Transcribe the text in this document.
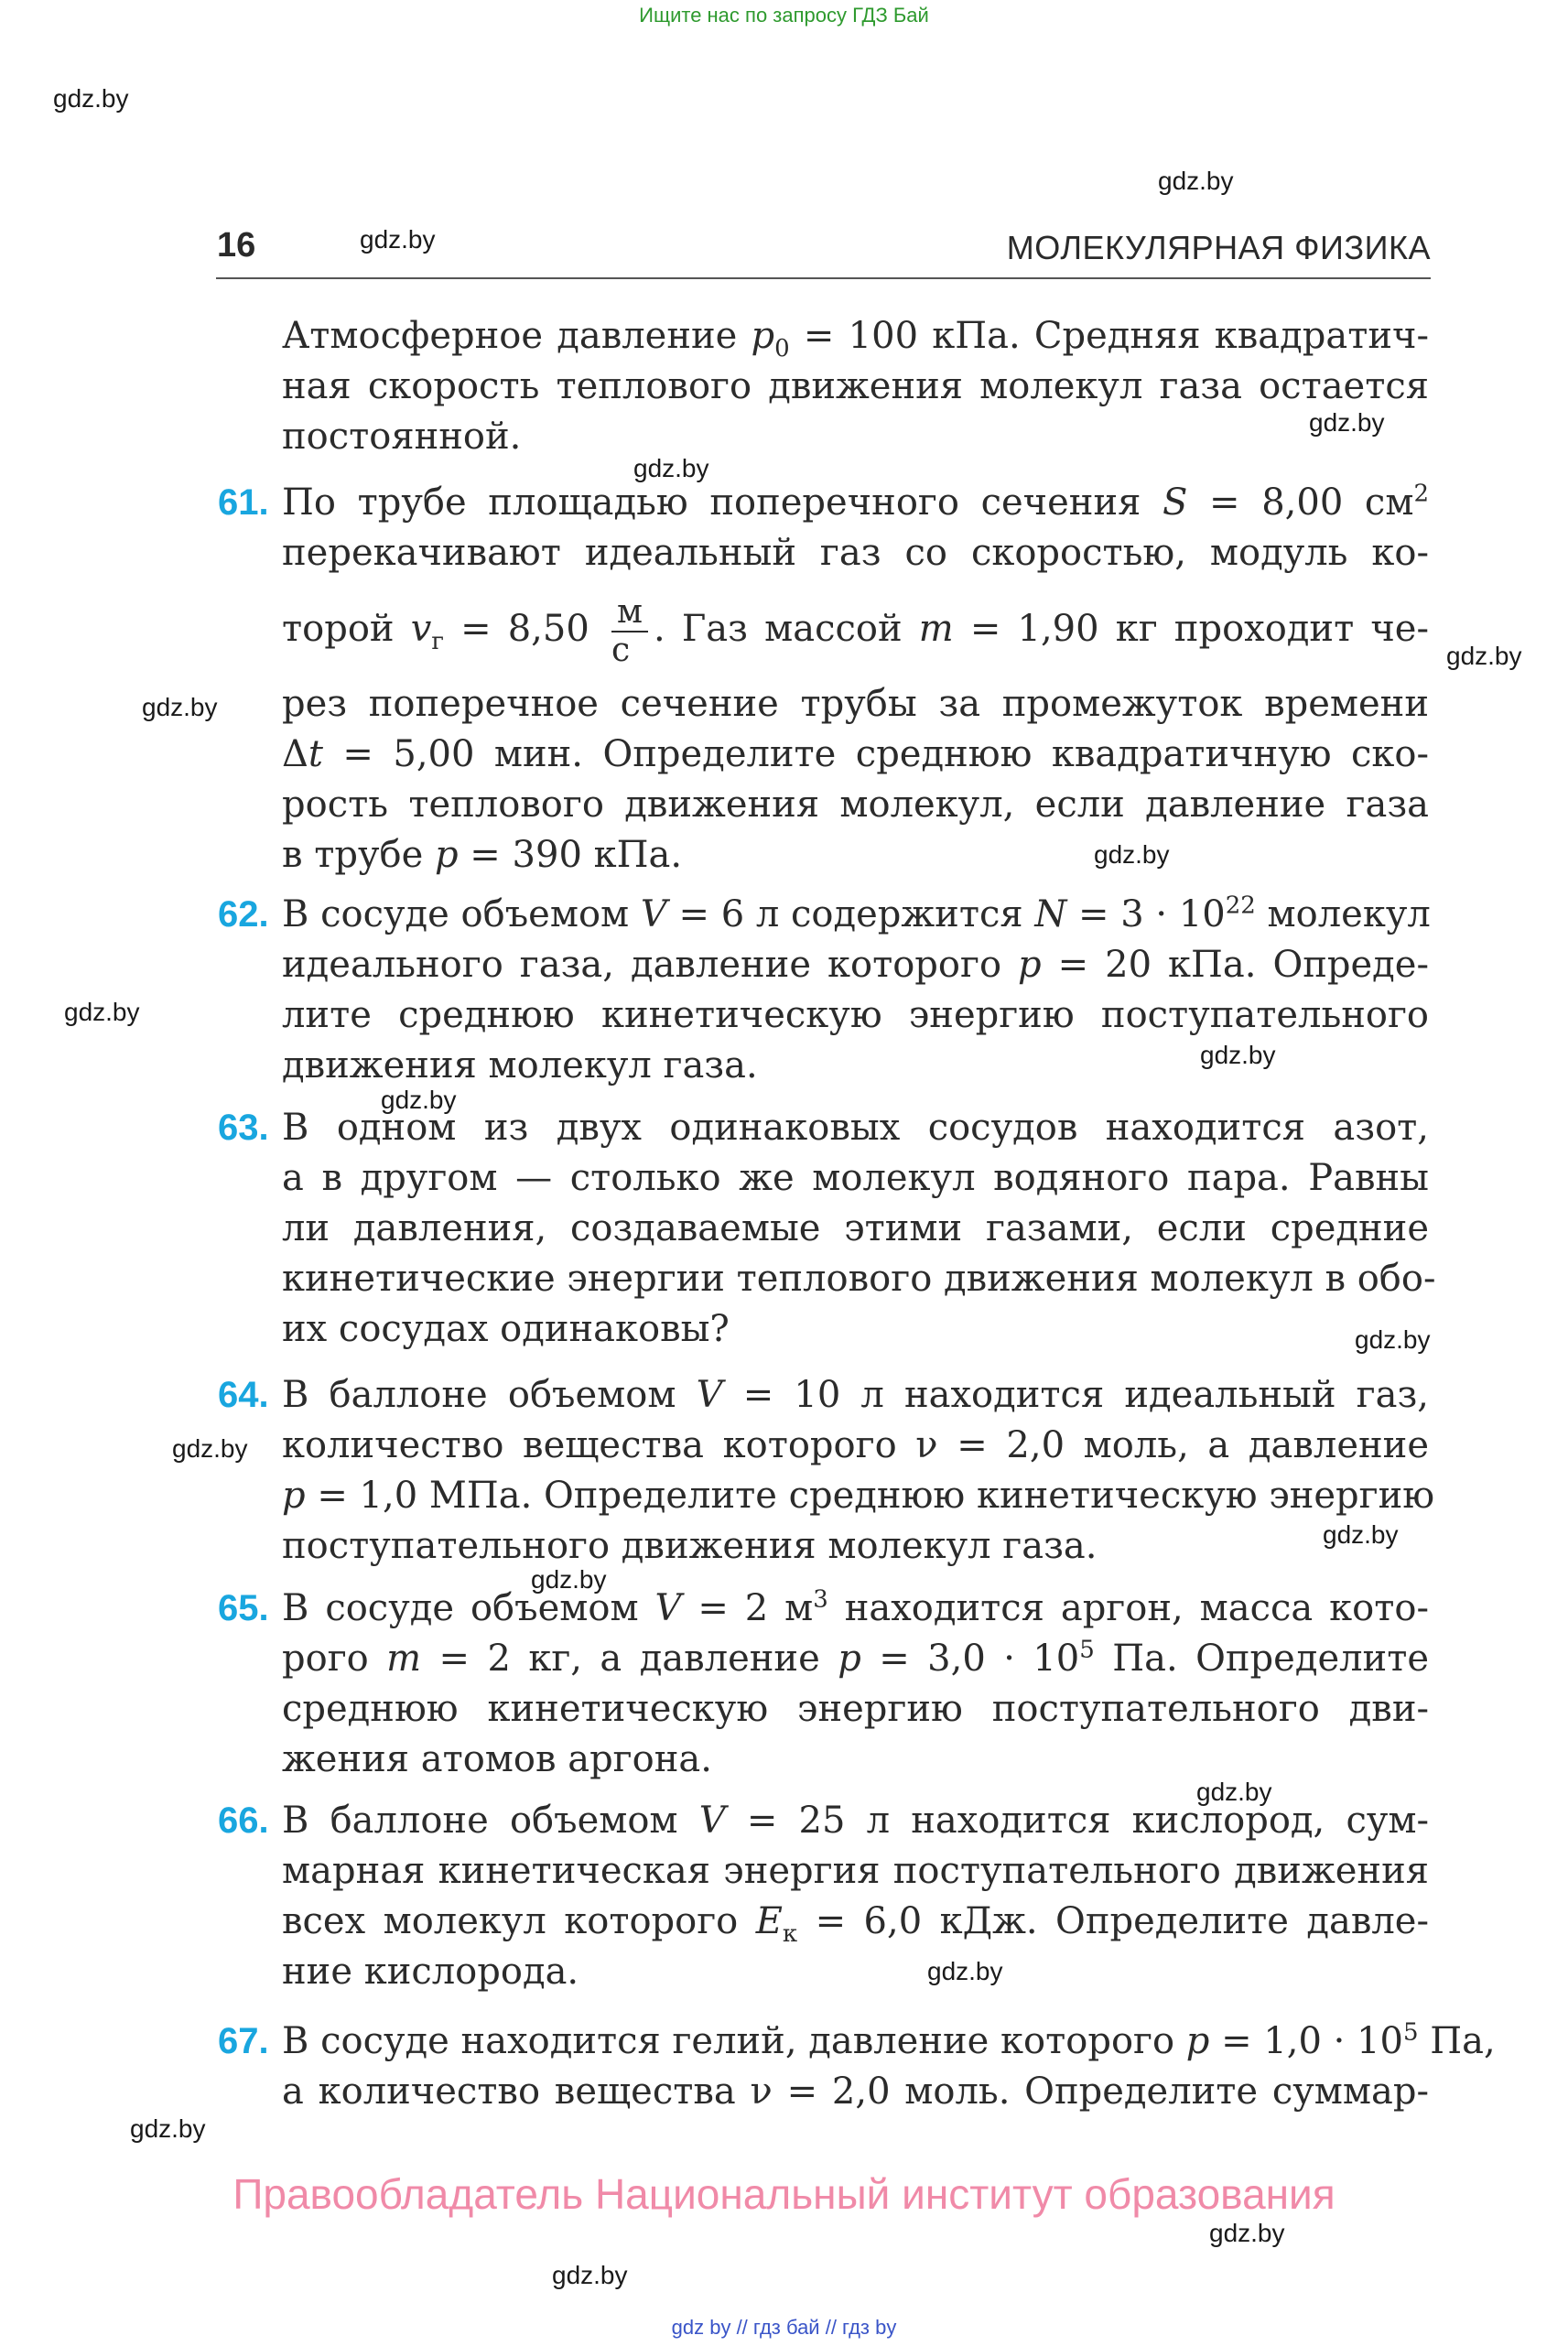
Ищите нас по запросу ГДЗ Бай
gdz.by
gdz.by
gdz.by
gdz.by
gdz.by
gdz.by
gdz.by
gdz.by
gdz.by
gdz.by
gdz.by
gdz.by
gdz.by
gdz.by
gdz.by
gdz.by
gdz.by
gdz.by
gdz.by
gdz.by
16	МОЛЕКУЛЯРНАЯ ФИЗИКА
Атмосферное давление $p_0 = 100$ кПа. Средняя квадратич-
ная скорость теплового движения молекул газа остается
постоянной.
61. По трубе площадью поперечного сечения S = 8,00 $см^2$
перекачивают идеальный газ со скоростью, модуль ко-
торой $v_г = 8,50 \frac{м}{с}$ . Газ массой m = 1,90 кг проходит че-
рез поперечное сечение трубы за промежуток времени
Δt = 5,00 мин. Определите среднюю квадратичную ско-
рость теплового движения молекул, если давление газа
в трубе p = 390 кПа.
62. В сосуде объемом V = 6 л содержится $N = 3 \cdot 10^{22}$ молекул
идеального газа, давление которого p = 20 кПа. Опреде-
лите среднюю кинетическую энергию поступательного
движения молекул газа.
63. В одном из двух одинаковых сосудов находится азот,
а в другом — столько же молекул водяного пара. Равны
ли давления, создаваемые этими газами, если средние
кинетические энергии теплового движения молекул в обо-
их сосудах одинаковы?
64. В баллоне объемом V = 10 л находится идеальный газ,
количество вещества которого ν = 2,0 моль, а давление
p = 1,0 МПа. Определите среднюю кинетическую энергию
поступательного движения молекул газа.
65. В сосуде объемом V = 2 $м^3$ находится аргон, масса кото-
рого m = 2 кг, а давление $p = 3,0 \cdot 10^5$ Па. Определите
среднюю кинетическую энергию поступательного дви-
жения атомов аргона.
66. В баллоне объемом V = 25 л находится кислород, сум-
марная кинетическая энергия поступательного движения
всех молекул которого $E_к = 6,0$ кДж. Определите давле-
ние кислорода.
67. В сосуде находится гелий, давление которого $p = 1,0 \cdot 10^5$ Па,
а количество вещества ν = 2,0 моль. Определите суммар-
Правообладатель Национальный институт образования
gdz by // гдз бай // гдз by
